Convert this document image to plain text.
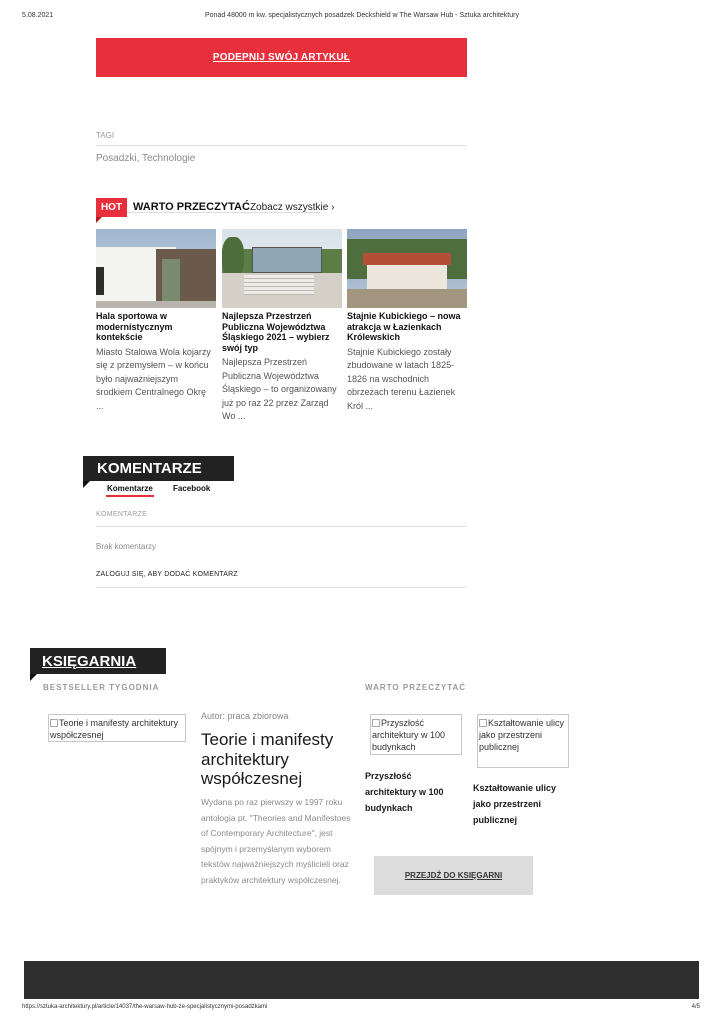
5.08.2021	Ponad 48000 m kw. specjalistycznych posadzek Deckshield w The Warsaw Hub - Sztuka architektury
PODEPNIJ SWÓJ ARTYKUŁ
TAGI
Posadzki, Technologie
HOT WARTO PRZECZYTAĆ Zobacz wszystkie ›
Hala sportowa w modernistycznym kontekście
Miasto Stalowa Wola kojarzy się z przemysłem – w końcu było najważniejszym środkiem Centralnego Okrę ...
Najlepsza Przestrzeń Publiczna Województwa Śląskiego 2021 – wybierz swój typ
Najlepsza Przestrzeń Publiczna Województwa Śląskiego – to organizowany już po raz 22 przez Zarząd Wo ...
Stajnie Kubickiego – nowa atrakcja w Łazienkach Królewskich
Stajnie Kubickiego zostały zbudowane w latach 1825-1826 na wschodnich obrzeżach terenu Łazienek Król ...
KOMENTARZE
Komentarze	Facebook
KOMENTARZE
Brak komentarzy
ZALOGUJ SIĘ, ABY DODAĆ KOMENTARZ
KSIĘGARNIA
BESTSELLER TYGODNIA	WARTO PRZECZYTAĆ
Teorie i manifesty architektury współczesnej
Autor: praca zbiorowa
Teorie i manifesty architektury współczesnej
Wydana po raz pierwszy w 1997 roku antologia pt. "Theories and Manifestoes of Contemporary Architecture", jest spójnym i przemyślanym wyborem tekstów najważniejszych myślicieli oraz praktyków architektury współczesnej.
Przyszłość architektury w 100 budynkach
Kształtowanie ulicy jako przestrzeni publicznej
Przyszłość architektury w 100 budynkach
Kształtowanie ulicy jako przestrzeni publicznej
PRZEJDŹ DO KSIĘGARNI
https://sztuka-architektury.pl/article/14037/the-warsaw-hub-ze-specjalistycznymi-posadzkami	4/5
